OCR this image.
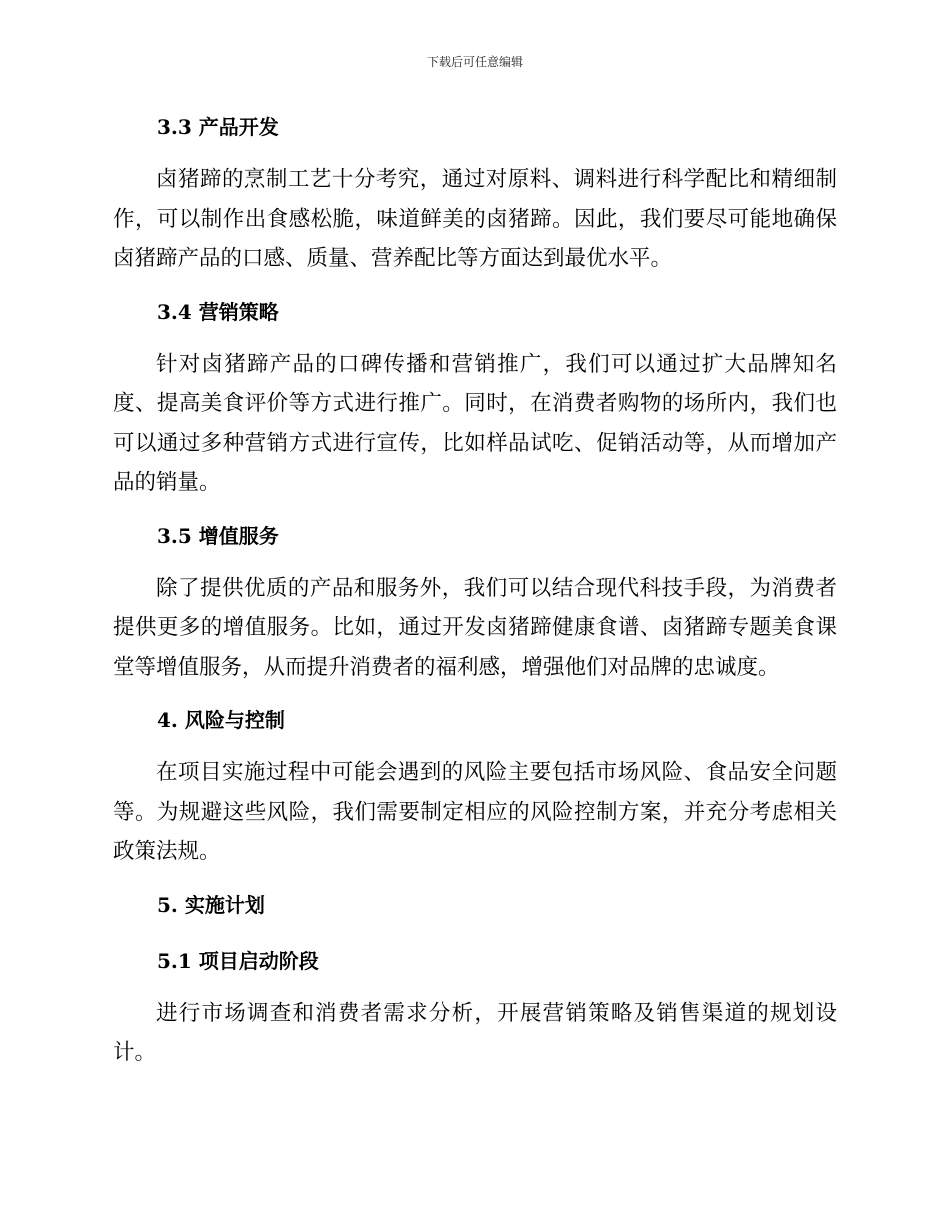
下载后可任意编辑
3.3 产品开发

卤猪蹄的烹制工艺十分考究，通过对原料、调料进行科学配比和精细制作，可以制作出食感松脆，味道鲜美的卤猪蹄。因此，我们要尽可能地确保卤猪蹄产品的口感、质量、营养配比等方面达到最优水平。

3.4 营销策略

针对卤猪蹄产品的口碑传播和营销推广，我们可以通过扩大品牌知名度、提高美食评价等方式进行推广。同时，在消费者购物的场所内，我们也可以通过多种营销方式进行宣传，比如样品试吃、促销活动等，从而增加产品的销量。

3.5 增值服务

除了提供优质的产品和服务外，我们可以结合现代科技手段，为消费者提供更多的增值服务。比如，通过开发卤猪蹄健康食谱、卤猪蹄专题美食课堂等增值服务，从而提升消费者的福利感，增强他们对品牌的忠诚度。

4. 风险与控制

在项目实施过程中可能会遇到的风险主要包括市场风险、食品安全问题等。为规避这些风险，我们需要制定相应的风险控制方案，并充分考虑相关政策法规。

5. 实施计划
5.1 项目启动阶段

进行市场调查和消费者需求分析，开展营销策略及销售渠道的规划设计。
